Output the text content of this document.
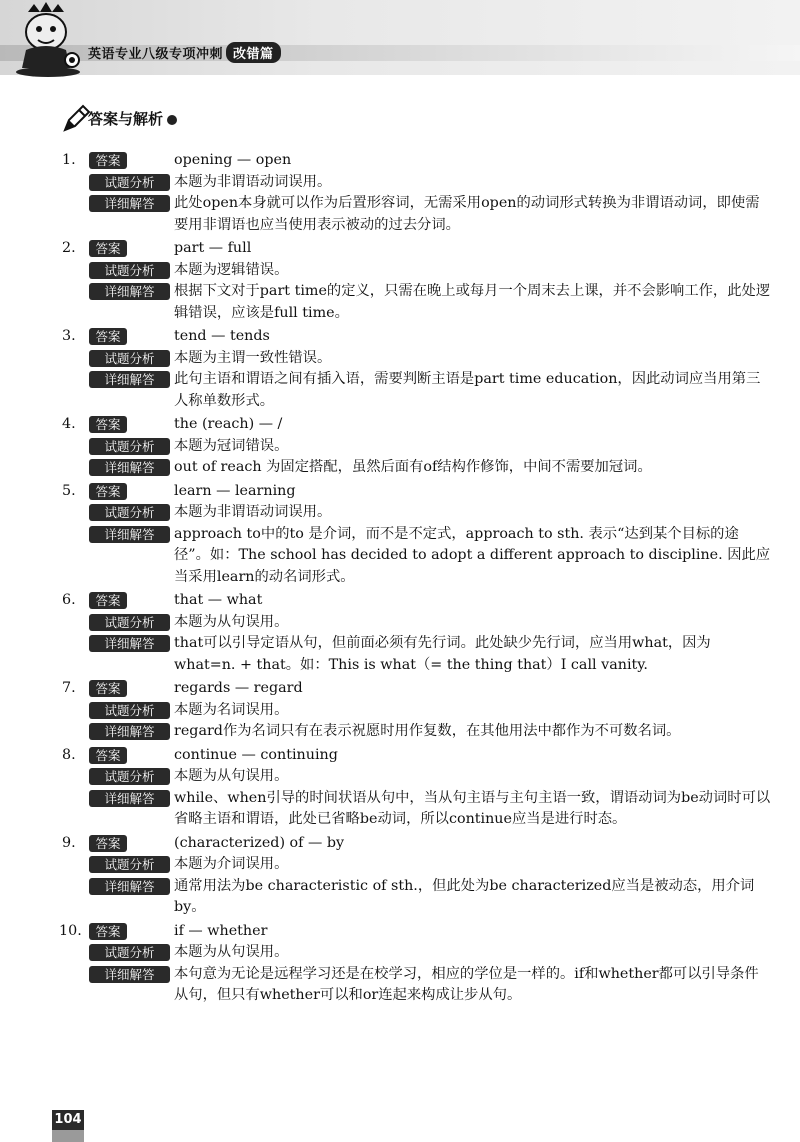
英语专业八级专项冲刺 改错篇
答案与解析
1.	答案	opening — open
试题分析	本题为非谓语动词误用。
详细解答	此处open本身就可以作为后置形容词，无需采用open的动词形式转换为非谓语动词，即使需要用非谓语也应当使用表示被动的过去分词。
2.	答案	part — full
试题分析	本题为逻辑错误。
详细解答	根据下文对于part time的定义，只需在晚上或每月一个周末去上课，并不会影响工作，此处逻辑错误，应该是full time。
3.	答案	tend — tends
试题分析	本题为主谓一致性错误。
详细解答	此句主语和谓语之间有插入语，需要判断主语是part time education，因此动词应当用第三人称单数形式。
4.	答案	the (reach) — /
试题分析	本题为冠词错误。
详细解答	out of reach 为固定搭配，虽然后面有of结构作修饰，中间不需要加冠词。
5.	答案	learn — learning
试题分析	本题为非谓语动词误用。
详细解答	approach to中的to 是介词，而不是不定式，approach to sth. 表示“达到某个目标的途径”。如：The school has decided to adopt a different approach to discipline. 因此应当采用learn的动名词形式。
6.	答案	that — what
试题分析	本题为从句误用。
详细解答	that可以引导定语从句，但前面必须有先行词。此处缺少先行词，应当用what，因为what=n. + that。如：This is what（= the thing that）I call vanity.
7.	答案	regards — regard
试题分析	本题为名词误用。
详细解答	regard作为名词只有在表示祝愿时用作复数，在其他用法中都作为不可数名词。
8.	答案	continue — continuing
试题分析	本题为从句误用。
详细解答	while、when引导的时间状语从句中，当从句主语与主句主语一致，谓语动词为be动词时可以省略主语和谓语，此处已省略be动词，所以continue应当是进行时态。
9.	答案	(characterized) of — by
试题分析	本题为介词误用。
详细解答	通常用法为be characteristic of sth.，但此处为be characterized应当是被动态，用介词by。
10.	答案	if — whether
试题分析	本题为从句误用。
详细解答	本句意为无论是远程学习还是在校学习，相应的学位是一样的。if和whether都可以引导条件从句，但只有whether可以和or连起来构成让步从句。
104
